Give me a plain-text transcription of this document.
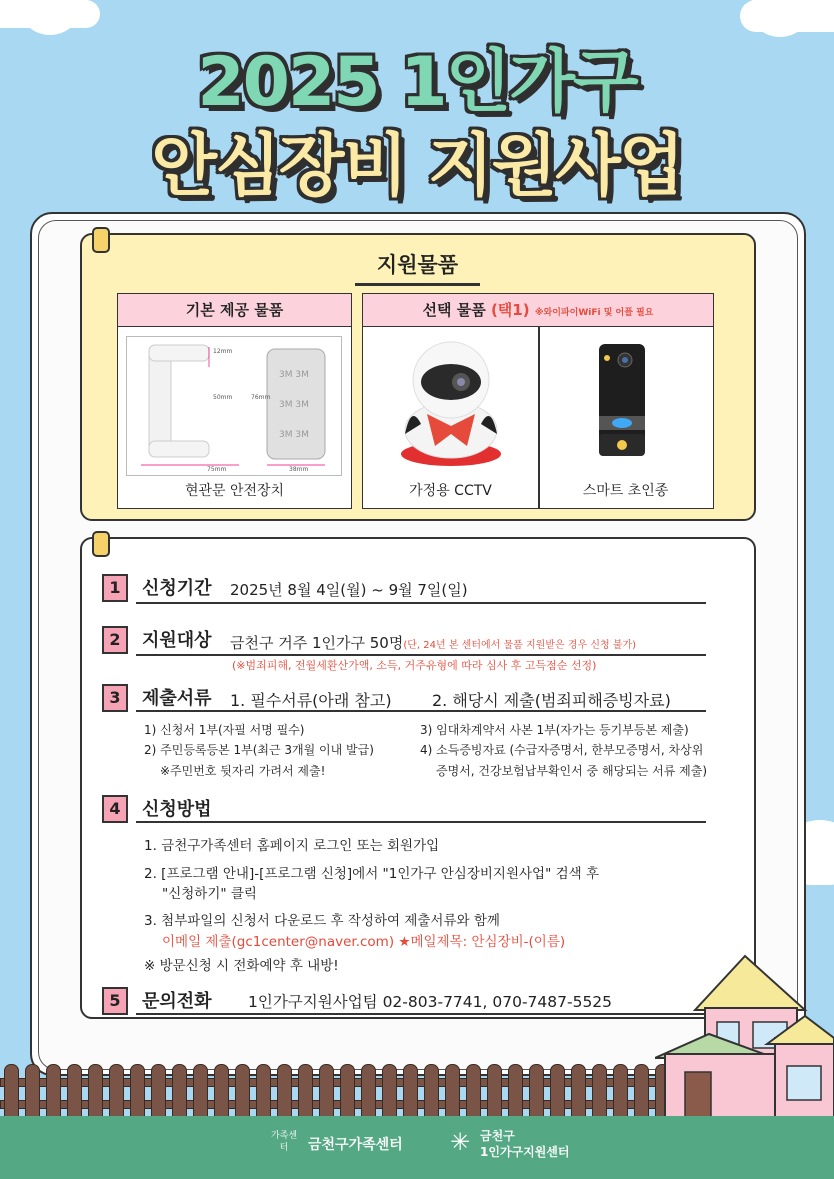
2025 1인가구
안심장비 지원사업
지원물품
기본 제공 물품
3M 3M
3M 3M
3M 3M
12mm
50mm	76mm
75mm	38mm
현관문 안전장치
선택 물품 (택1) ※와이파이WiFi 및 어플 필요
가정용 CCTV	스마트 초인종
1	신청기간 2025년 8월 4일(월) ~ 9월 7일(일)
2	지원대상 금천구 거주 1인가구 50명(단, 24년 본 센터에서 물품 지원받은 경우 신청 불가)
(※범죄피해, 전월세환산가액, 소득, 거주유형에 따라 심사 후 고득점순 선정)
3	제출서류 1. 필수서류(아래 참고)	2. 해당시 제출(범죄피해증빙자료)
1) 신청서 1부(자필 서명 필수)
2) 주민등록등본 1부(최근 3개월 이내 발급)
※주민번호 뒷자리 가려서 제출!
3) 임대차계약서 사본 1부(자가는 등기부등본 제출)
4) 소득증빙자료 (수급자증명서, 한부모증명서, 차상위
증명서, 건강보험납부확인서 중 해당되는 서류 제출)
4	신청방법
1. 금천구가족센터 홈페이지 로그인 또는 회원가입
2. [프로그램 안내]-[프로그램 신청]에서 "1인가구 안심장비지원사업" 검색 후
"신청하기" 클릭
3. 첨부파일의 신청서 다운로드 후 작성하여 제출서류와 함께
이메일 제출(gc1center@naver.com) ★메일제목: 안심장비-(이름)
※ 방문신청 시 전화예약 후 내방!
5	문의전화 1인가구지원사업팀 02-803-7741, 070-7487-5525
가족센터	금천구가족센터 ✳ 금천구
1인가구지원센터
